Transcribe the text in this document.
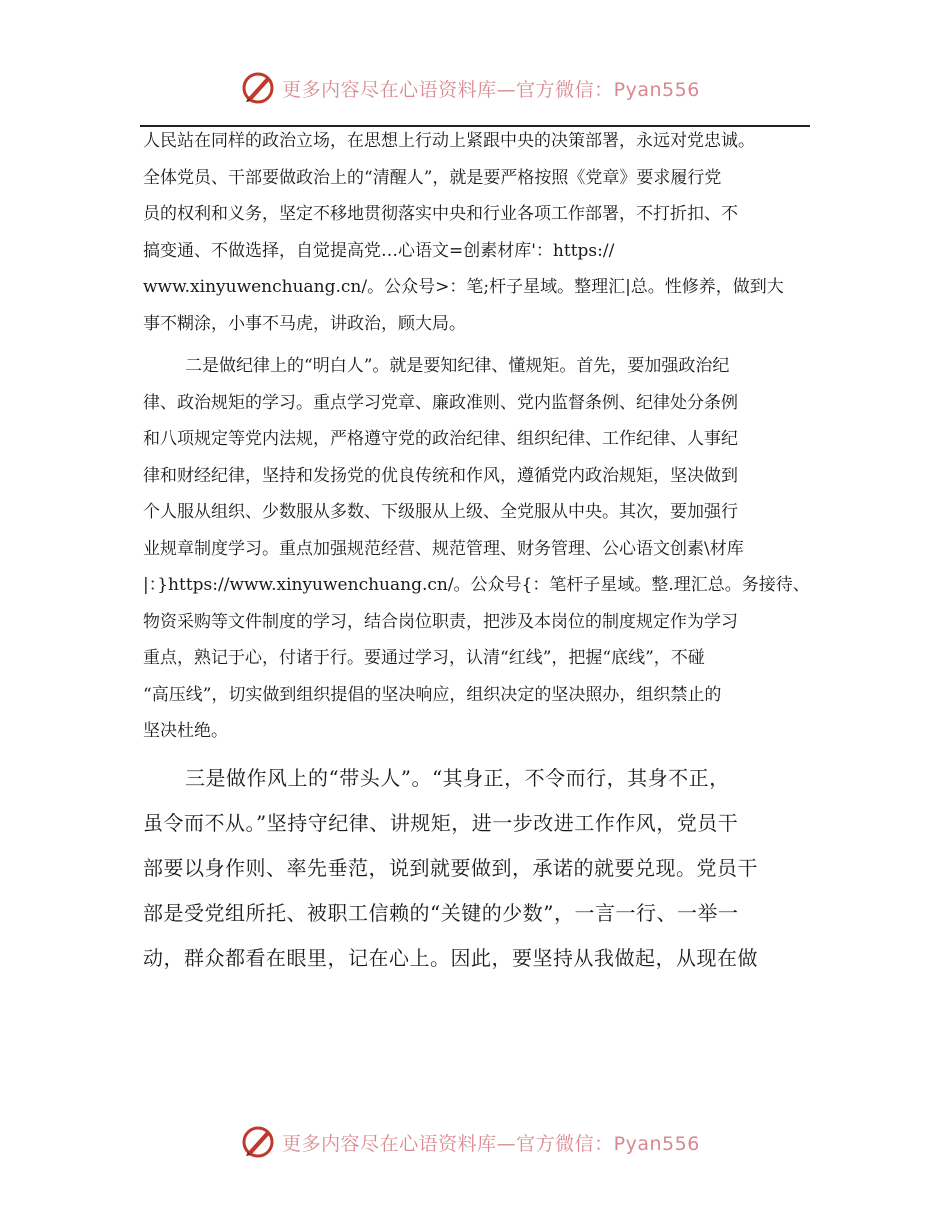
更多内容尽在心语资料库—官方微信：Pyan556
人民站在同样的政治立场，在思想上行动上紧跟中央的决策部署，永远对党忠诚。
全体党员、干部要做政治上的“清醒人”，就是要严格按照《党章》要求履行党
员的权利和义务，坚定不移地贯彻落实中央和行业各项工作部署，不打折扣、不
搞变通、不做选择，自觉提高党…心语文=创素材库'：https://
www.xinyuwenchuang.cn/。公众号>：笔;杆子星域。整理汇|总。性修养，做到大
事不糊涂，小事不马虎，讲政治，顾大局。
二是做纪律上的“明白人”。就是要知纪律、懂规矩。首先，要加强政治纪
律、政治规矩的学习。重点学习党章、廉政准则、党内监督条例、纪律处分条例
和八项规定等党内法规，严格遵守党的政治纪律、组织纪律、工作纪律、人事纪
律和财经纪律，坚持和发扬党的优良传统和作风，遵循党内政治规矩，坚决做到
个人服从组织、少数服从多数、下级服从上级、全党服从中央。其次，要加强行
业规章制度学习。重点加强规范经营、规范管理、财务管理、公心语文创素\材库
|：}https://www.xinyuwenchuang.cn/。公众号{：笔杆子星域。整.理汇总。务接待、
物资采购等文件制度的学习，结合岗位职责，把涉及本岗位的制度规定作为学习
重点，熟记于心，付诸于行。要通过学习，认清“红线”，把握“底线”，不碰
“高压线”，切实做到组织提倡的坚决响应，组织决定的坚决照办，组织禁止的
坚决杜绝。
三是做作风上的“带头人”。“其身正，不令而行，其身不正，
虽令而不从。”坚持守纪律、讲规矩，进一步改进工作作风，党员干
部要以身作则、率先垂范，说到就要做到，承诺的就要兑现。党员干
部是受党组所托、被职工信赖的“关键的少数”，一言一行、一举一
动，群众都看在眼里，记在心上。因此，要坚持从我做起，从现在做
更多内容尽在心语资料库—官方微信：Pyan556
